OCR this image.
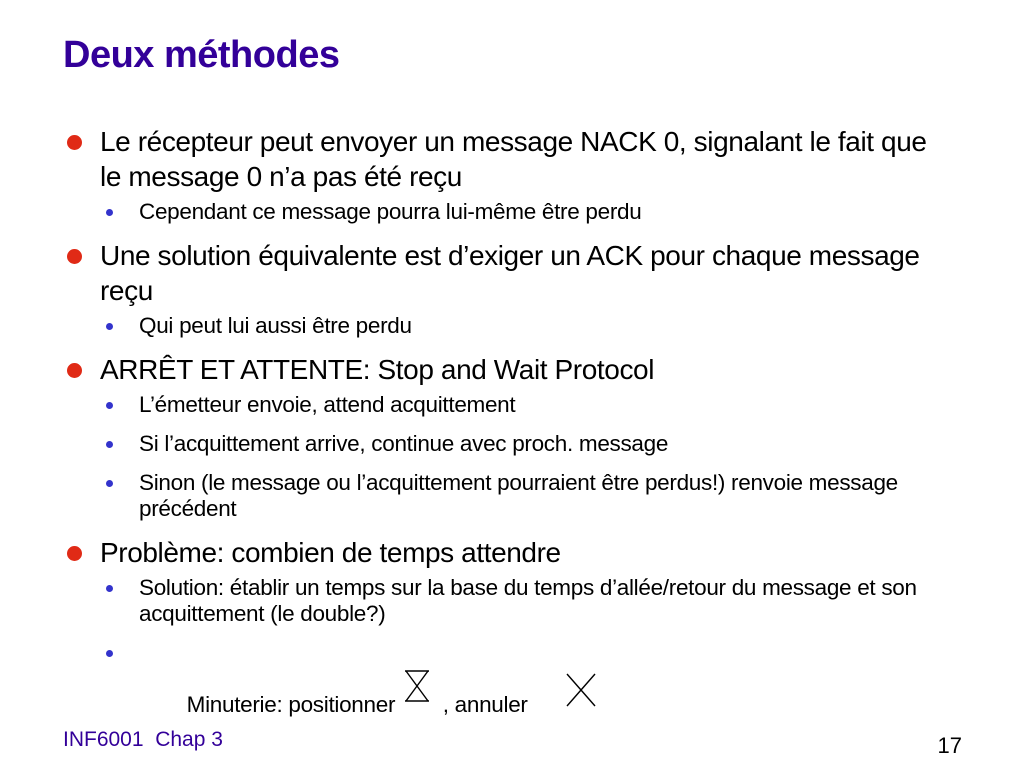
Deux méthodes
Le récepteur peut envoyer un message NACK 0, signalant le fait que le message 0 n’a pas été reçu
Cependant ce message pourra lui-même être perdu
Une solution équivalente est d’exiger un ACK pour chaque message reçu
Qui peut lui aussi être perdu
ARRÊT ET ATTENTE: Stop and Wait Protocol
L’émetteur envoie, attend acquittement
Si l’acquittement arrive, continue avec proch. message
Sinon (le message ou l’acquittement pourraient être perdus!) renvoie message précédent
Problème: combien de temps attendre
Solution: établir un temps sur la base du temps d’allée/retour du message et son acquittement (le double?)

Minuterie: positionner        , annuler

INF6001  Chap 3	17
